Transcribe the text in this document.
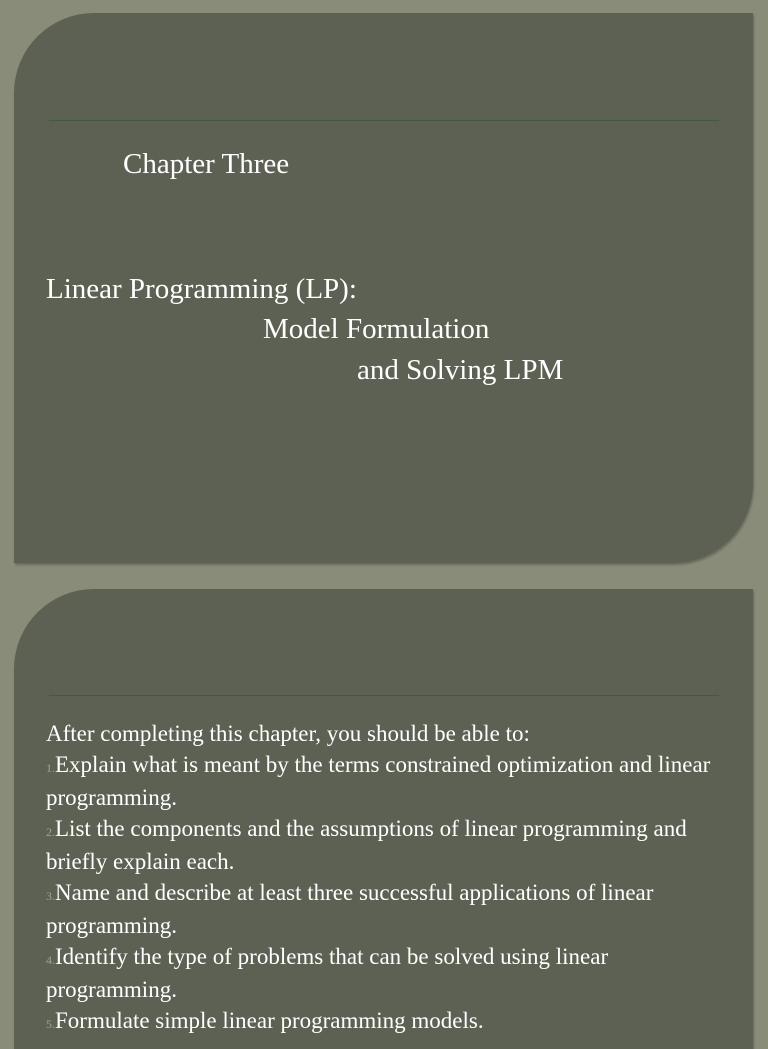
Chapter Three
Linear Programming (LP):
Model Formulation
and Solving LPM
After completing this chapter, you should be able to:
1.Explain what is meant by the terms constrained optimization and linear programming.
2.List the components and the assumptions of linear programming and briefly explain each.
3.Name and describe at least three successful applications of linear programming.
4.Identify the type of problems that can be solved using linear programming.
5.Formulate simple linear programming models.
